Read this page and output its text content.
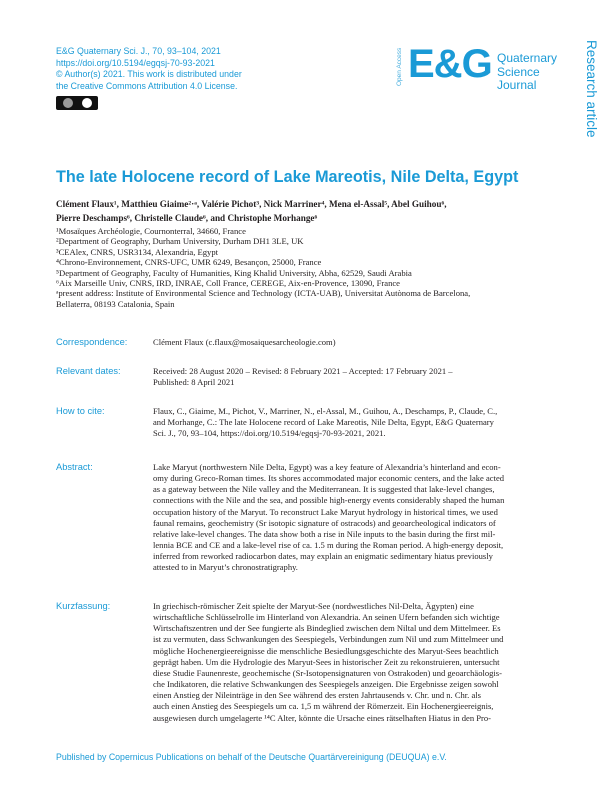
E&G Quaternary Sci. J., 70, 93–104, 2021
https://doi.org/10.5194/egqsj-70-93-2021
© Author(s) 2021. This work is distributed under
the Creative Commons Attribution 4.0 License.	Open Access E&G Quaternary
Science
Journal	Research article
The late Holocene record of Lake Mareotis, Nile Delta, Egypt
Clément Flaux¹, Matthieu Giaime²·ᵃ, Valérie Pichot³, Nick Marriner⁴, Mena el-Assal⁵, Abel Guihou⁶,
Pierre Deschamps⁶, Christelle Claude⁶, and Christophe Morhange⁶
¹Mosaïques Archéologie, Cournonterral, 34660, France
²Department of Geography, Durham University, Durham DH1 3LE, UK
³CEAlex, CNRS, USR3134, Alexandria, Egypt
⁴Chrono-Environnement, CNRS-UFC, UMR 6249, Besançon, 25000, France
⁵Department of Geography, Faculty of Humanities, King Khalid University, Abha, 62529, Saudi Arabia
⁶Aix Marseille Univ, CNRS, IRD, INRAE, Coll France, CEREGE, Aix-en-Provence, 13090, France
ᵃpresent address: Institute of Environmental Science and Technology (ICTA-UAB), Universitat Autònoma de Barcelona,
Bellaterra, 08193 Catalonia, Spain
Correspondence:	Clément Flaux (c.flaux@mosaiquesarcheologie.com)
Relevant dates:	Received: 28 August 2020 – Revised: 8 February 2021 – Accepted: 17 February 2021 –
Published: 8 April 2021
How to cite:	Flaux, C., Giaime, M., Pichot, V., Marriner, N., el-Assal, M., Guihou, A., Deschamps, P., Claude, C.,
and Morhange, C.: The late Holocene record of Lake Mareotis, Nile Delta, Egypt, E&G Quaternary
Sci. J., 70, 93–104, https://doi.org/10.5194/egqsj-70-93-2021, 2021.
Abstract:	Lake Maryut (northwestern Nile Delta, Egypt) was a key feature of Alexandria’s hinterland and econ-
omy during Greco-Roman times. Its shores accommodated major economic centers, and the lake acted
as a gateway between the Nile valley and the Mediterranean. It is suggested that lake-level changes,
connections with the Nile and the sea, and possible high-energy events considerably shaped the human
occupation history of the Maryut. To reconstruct Lake Maryut hydrology in historical times, we used
faunal remains, geochemistry (Sr isotopic signature of ostracods) and geoarcheological indicators of
relative lake-level changes. The data show both a rise in Nile inputs to the basin during the first mil-
lennia BCE and CE and a lake-level rise of ca. 1.5 m during the Roman period. A high-energy deposit,
inferred from reworked radiocarbon dates, may explain an enigmatic sedimentary hiatus previously
attested to in Maryut’s chronostratigraphy.
Kurzfassung:	In griechisch-römischer Zeit spielte der Maryut-See (nordwestliches Nil-Delta, Ägypten) eine
wirtschaftliche Schlüsselrolle im Hinterland von Alexandria. An seinen Ufern befanden sich wichtige
Wirtschaftszentren und der See fungierte als Bindeglied zwischen dem Niltal und dem Mittelmeer. Es
ist zu vermuten, dass Schwankungen des Seespiegels, Verbindungen zum Nil und zum Mittelmeer und
mögliche Hochenergieereignisse die menschliche Besiedlungsgeschichte des Maryut-Sees beachtlich
geprägt haben. Um die Hydrologie des Maryut-Sees in historischer Zeit zu rekonstruieren, untersucht
diese Studie Faunenreste, geochemische (Sr-Isotopensignaturen von Ostrakoden) und geoarchäologis-
che Indikatoren, die relative Schwankungen des Seespiegels anzeigen. Die Ergebnisse zeigen sowohl
einen Anstieg der Nileinträge in den See während des ersten Jahrtausends v. Chr. und n. Chr. als
auch einen Anstieg des Seespiegels um ca. 1,5 m während der Römerzeit. Ein Hochenergieereignis,
ausgewiesen durch umgelagerte ¹⁴C Alter, könnte die Ursache eines rätselhaften Hiatus in den Pro-
Published by Copernicus Publications on behalf of the Deutsche Quartärvereinigung (DEUQUA) e.V.
